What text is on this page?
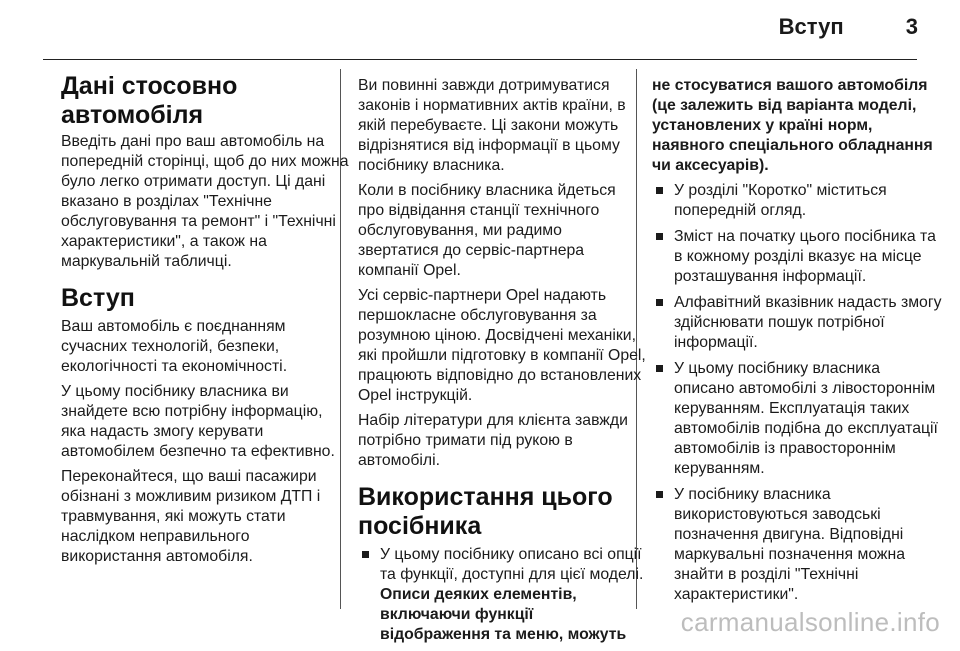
Вступ	3
Дані стосовно автомобіля

Введіть дані про ваш автомобіль на попередній сторінці, щоб до них можна було легко отримати доступ. Ці дані вказано в розділах "Технічне обслуговування та ремонт" і "Технічні характеристики", а також на маркувальній табличці.

Вступ

Ваш автомобіль є поєднанням сучасних технологій, безпеки, екологічності та економічності.

У цьому посібнику власника ви знайдете всю потрібну інформацію, яка надасть змогу керувати автомобілем безпечно та ефективно.

Переконайтеся, що ваші пасажири обізнані з можливим ризиком ДТП і травмування, які можуть стати наслідком неправильного використання автомобіля.

Ви повинні завжди дотримуватися законів і нормативних актів країни, в якій перебуваєте. Ці закони можуть відрізнятися від інформації в цьому посібнику власника.

Коли в посібнику власника йдеться про відвідання станції технічного обслуговування, ми радимо звертатися до сервіс-партнера компанії Opel.

Усі сервіс-партнери Opel надають першокласне обслуговування за розумною ціною. Досвідчені механіки, які пройшли підготовку в компанії Opel, працюють відповідно до встановлених Opel інструкцій.

Набір літератури для клієнта завжди потрібно тримати під рукою в автомобілі.

Використання цього посібника
У цьому посібнику описано всі опції та функції, доступні для цієї моделі. Описи деяких елементів, включаючи функції відображення та меню, можуть

не стосуватися вашого автомобіля (це залежить від варіанта моделі, установлених у країні норм, наявного спеціального обладнання чи аксесуарів).

У розділі "Коротко" міститься попередній огляд.
Зміст на початку цього посібника та в кожному розділі вказує на місце розташування інформації.
Алфавітний вказівник надасть змогу здійснювати пошук потрібної інформації.
У цьому посібнику власника описано автомобілі з лівостороннім керуванням. Експлуатація таких автомобілів подібна до експлуатації автомобілів із правостороннім керуванням.
У посібнику власника використовуються заводські позначення двигуна. Відповідні маркувальні позначення можна знайти в розділі "Технічні характеристики".
carmanualsonline.info
